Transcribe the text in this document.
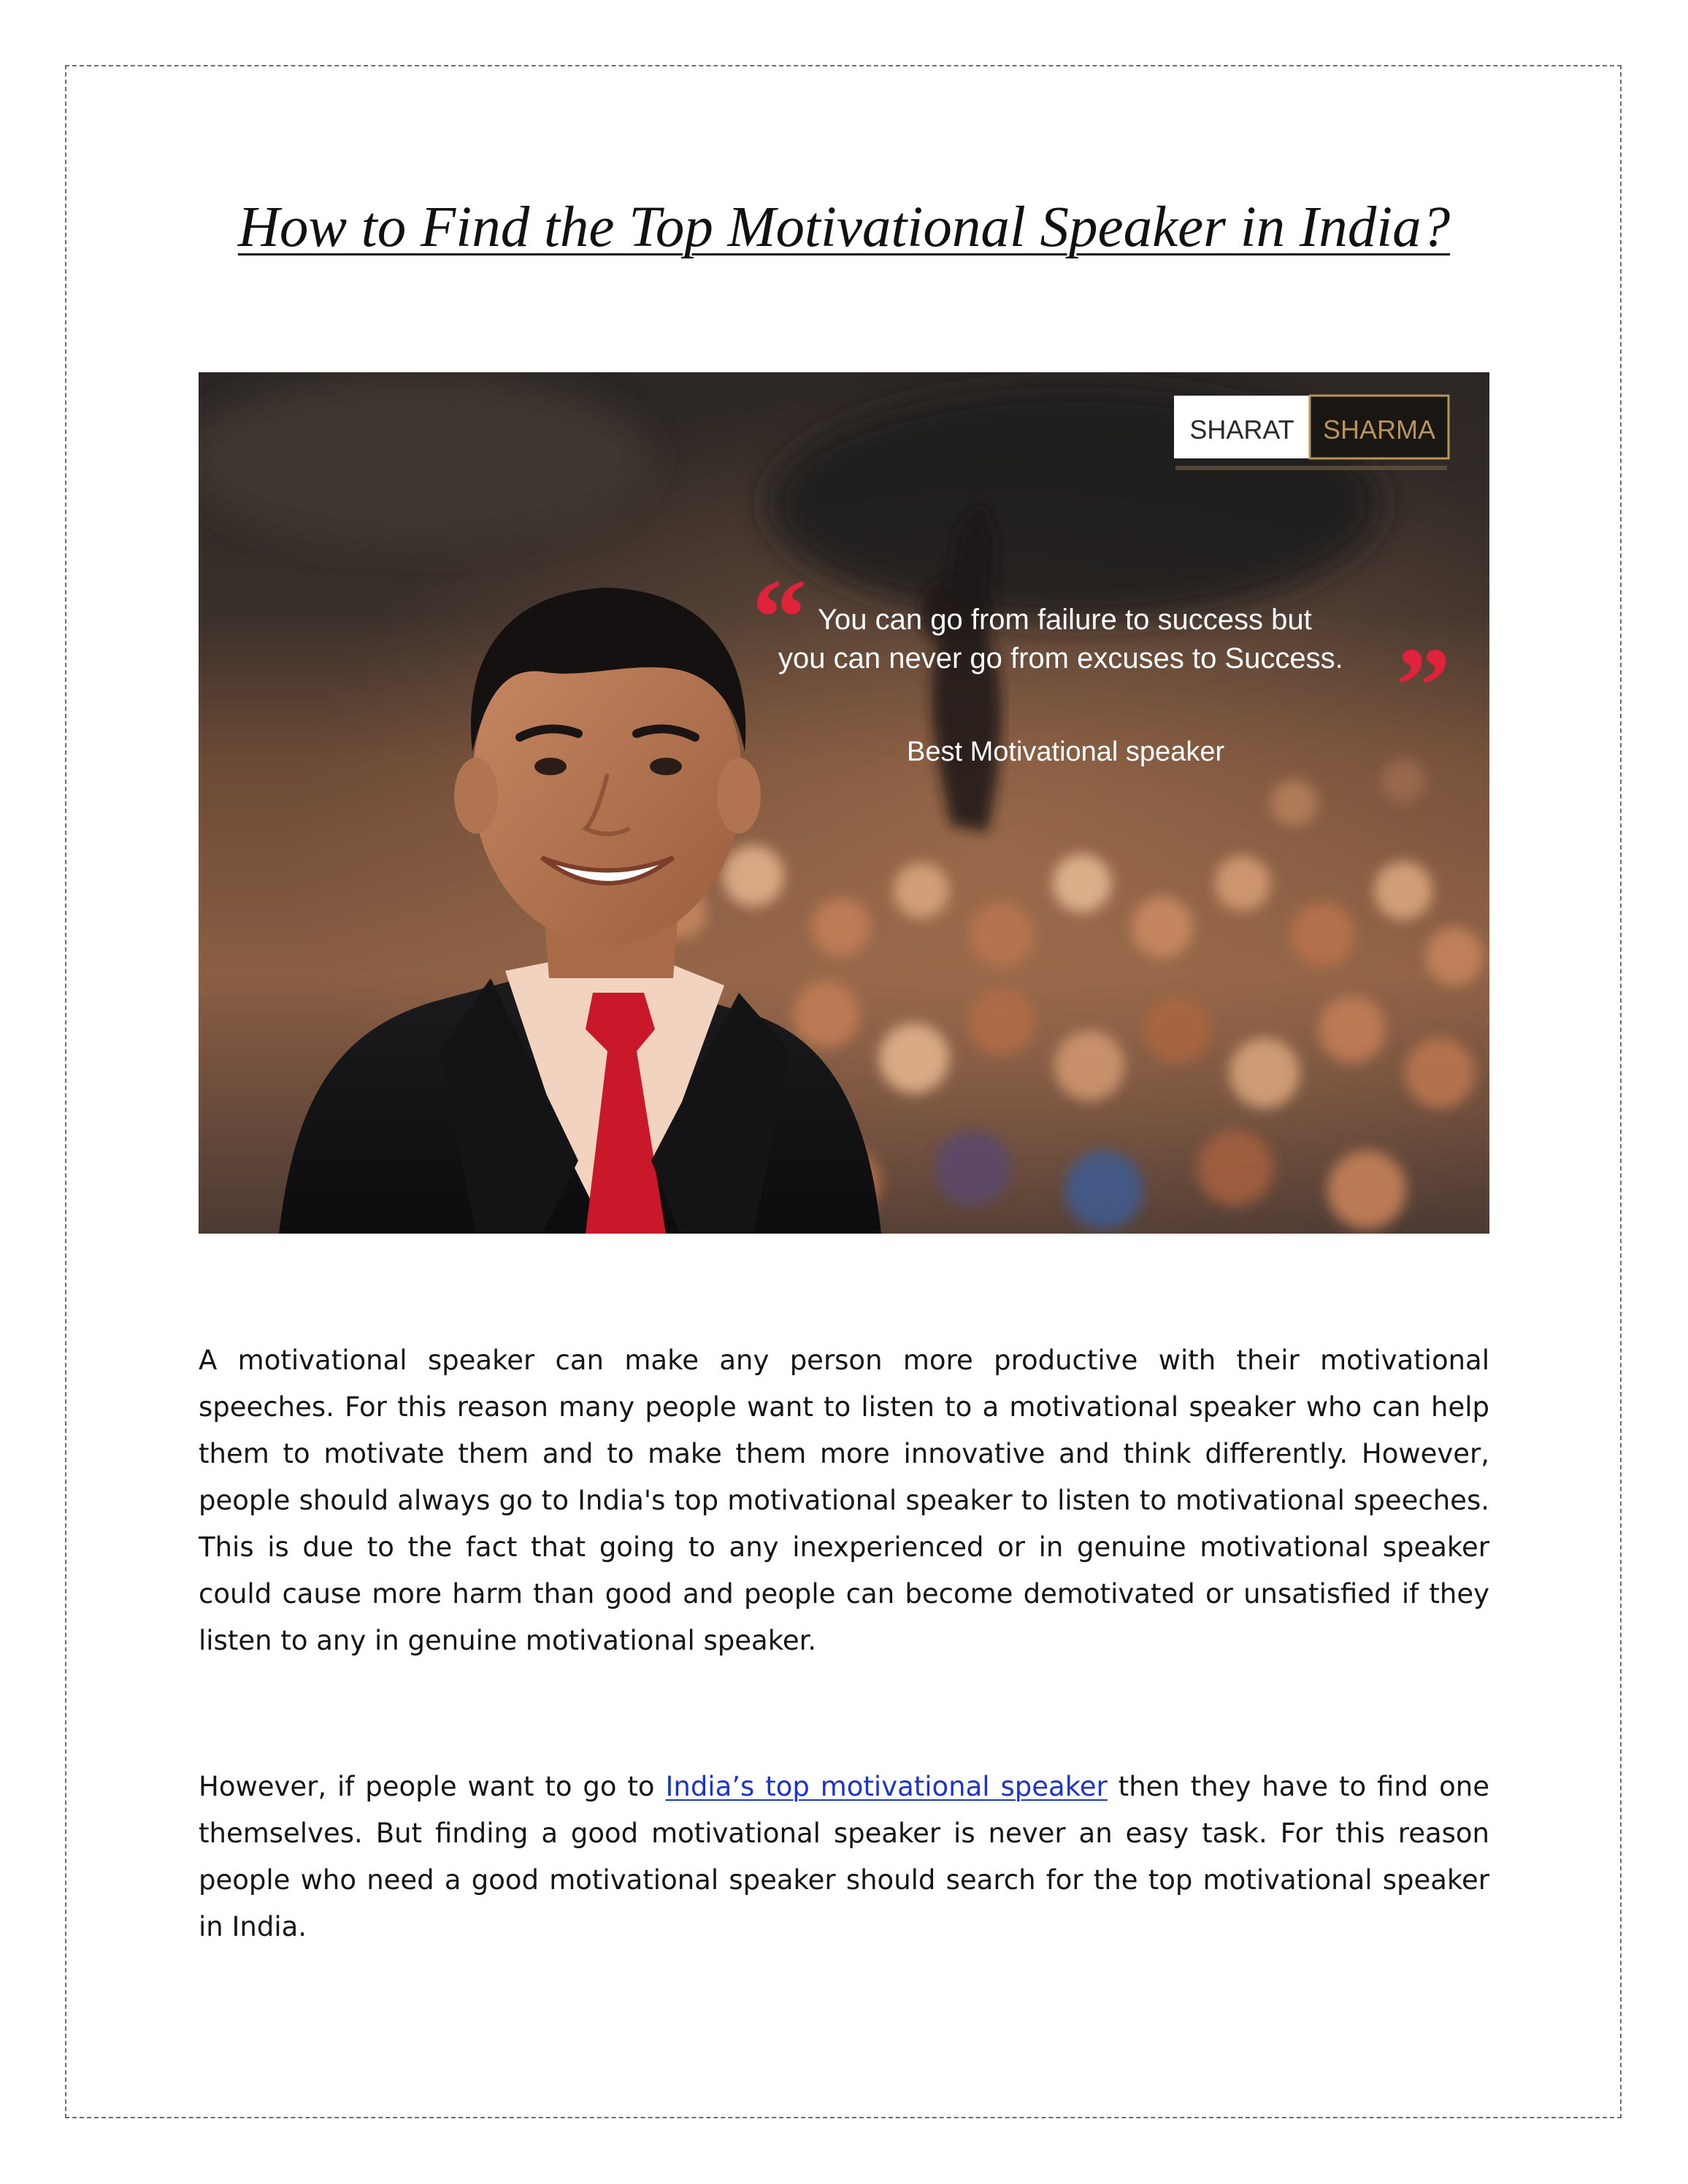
How to Find the Top Motivational Speaker in India?
SHARAT SHARMA
“
”
You can go from failure to success but
you can never go from excuses to Success.
Best Motivational speaker

A motivational speaker can make any person more productive with their motivational speeches. For this reason many people want to listen to a motivational speaker who can help them to motivate them and to make them more innovative and think differently. However, people should always go to India's top motivational speaker to listen to motivational speeches. This is due to the fact that going to any inexperienced or in genuine motivational speaker could cause more harm than good and people can become demotivated or unsatisfied if they listen to any in genuine motivational speaker.

However, if people want to go to India’s top motivational speaker then they have to find one themselves. But finding a good motivational speaker is never an easy task. For this reason people who need a good motivational speaker should search for the top motivational speaker in India.
